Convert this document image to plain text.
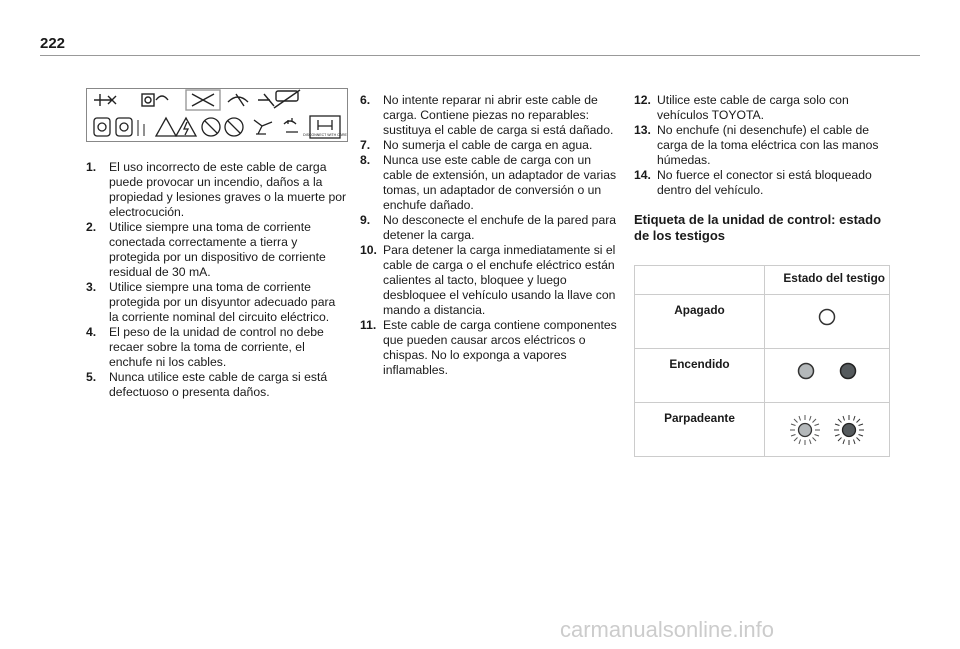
222
DISCONNECT WITH CARE
1.	El uso incorrecto de este cable de carga puede provocar un incendio, daños a la propiedad y lesiones graves o la muerte por electrocución.
2.	Utilice siempre una toma de corriente conectada correctamente a tierra y protegida por un dispositivo de corriente residual de 30 mA.
3.	Utilice siempre una toma de corriente protegida por un disyuntor adecuado para la corriente nominal del circuito eléctrico.
4.	El peso de la unidad de control no debe recaer sobre la toma de corriente, el enchufe ni los cables.
5.	Nunca utilice este cable de carga si está defectuoso o presenta daños.
6.	No intente reparar ni abrir este cable de carga. Contiene piezas no reparables: sustituya el cable de carga si está dañado.
7.	No sumerja el cable de carga en agua.
8.	Nunca use este cable de carga con un cable de extensión, un adaptador de varias tomas, un adaptador de conversión o un enchufe dañado.
9.	No desconecte el enchufe de la pared para detener la carga.
10. Para detener la carga inmediatamente si el cable de carga o el enchufe eléctrico están calientes al tacto, bloquee y luego desbloquee el vehículo usando la llave con mando a distancia.
11. Este cable de carga contiene componentes que pueden causar arcos eléctricos o chispas. No lo exponga a vapores inflamables.
12. Utilice este cable de carga solo con vehículos TOYOTA.
13. No enchufe (ni desenchufe) el cable de carga de la toma eléctrica con las manos húmedas.
14. No fuerce el conector si está bloqueado dentro del vehículo.
Etiqueta de la unidad de control: estado de los testigos
	Estado del testigo
Apagado	
Encendido	
Parpadeante	
carmanualsonline.info
